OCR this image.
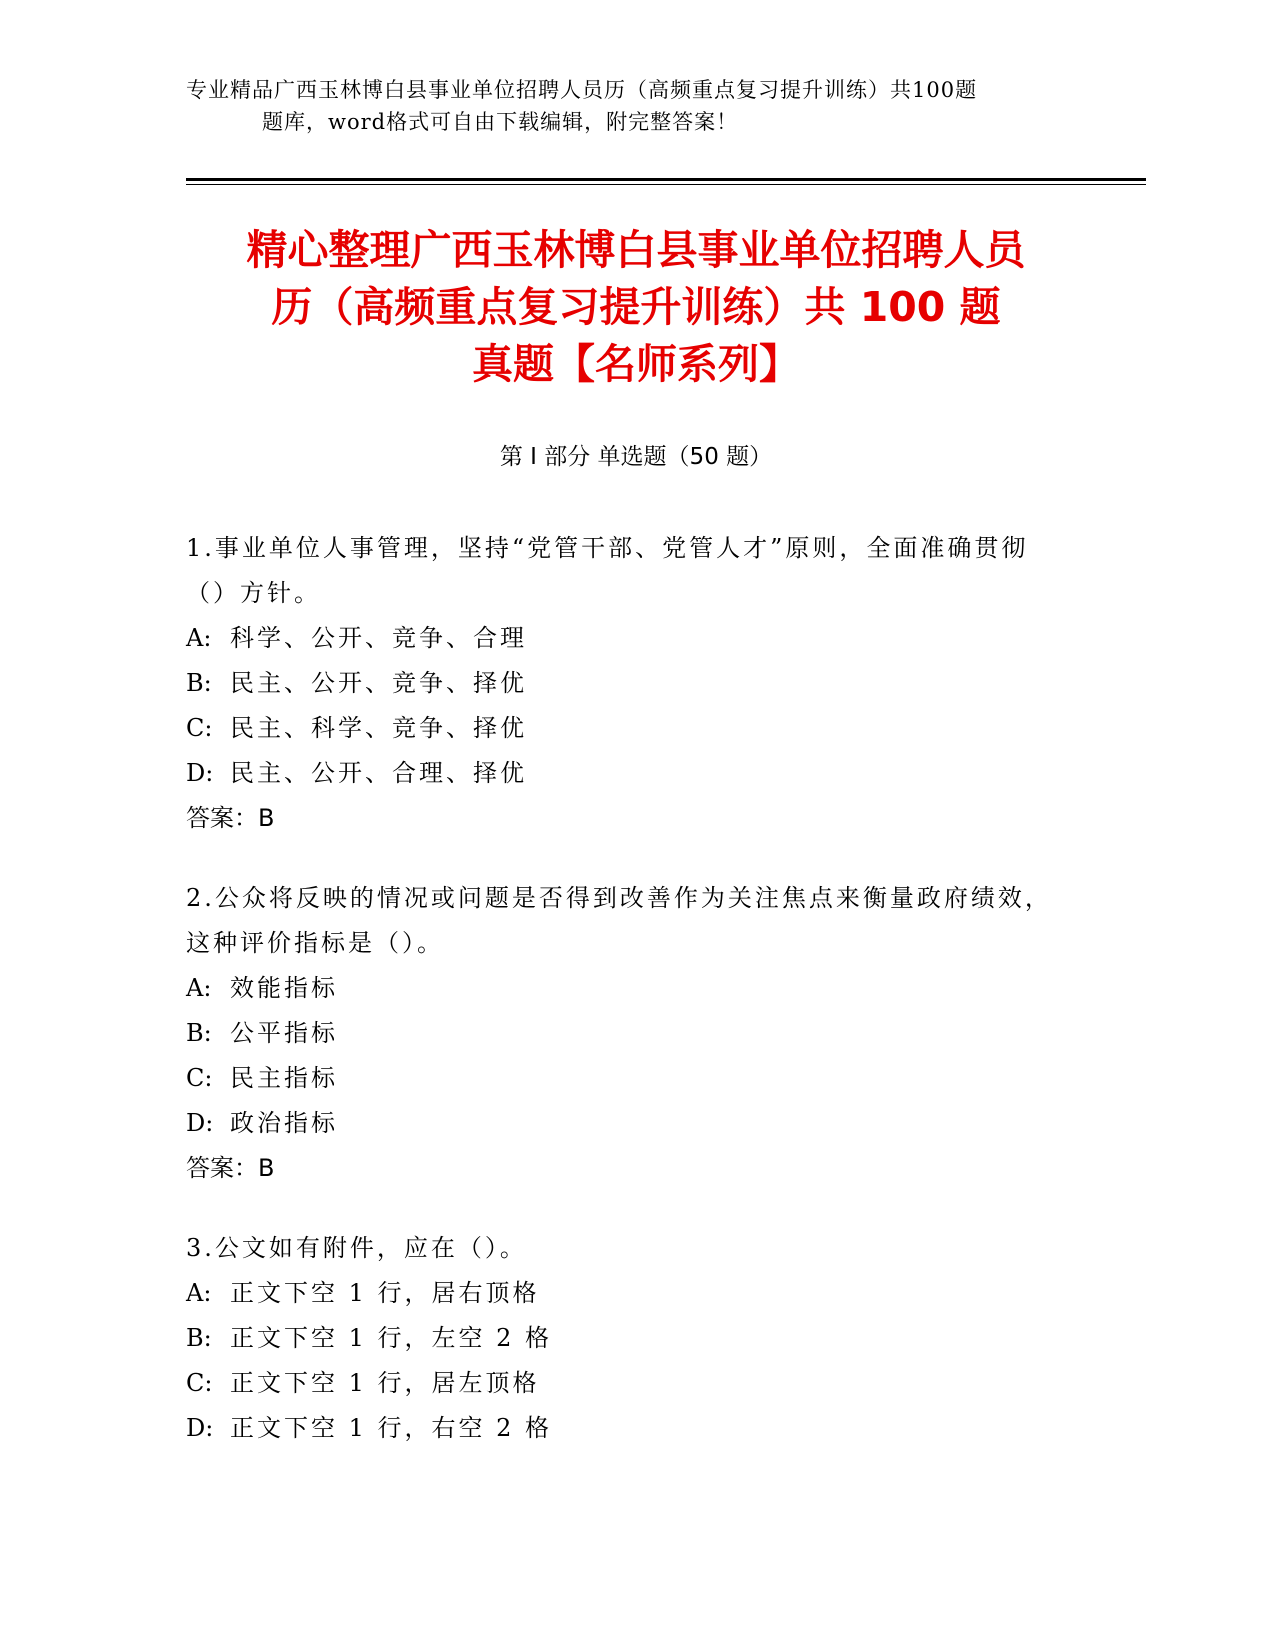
专业精品广西玉林博白县事业单位招聘人员历（高频重点复习提升训练）共100题
题库，word格式可自由下载编辑，附完整答案！
精心整理广西玉林博白县事业单位招聘人员
历（高频重点复习提升训练）共 100 题
真题【名师系列】
第 I 部分 单选题（50 题）

1.事业单位人事管理，坚持“党管干部、党管人才”原则，全面准确贯彻（）方针。

A: 科学、公开、竞争、合理
B: 民主、公开、竞争、择优
C: 民主、科学、竞争、择优
D: 民主、公开、合理、择优
答案：B

2.公众将反映的情况或问题是否得到改善作为关注焦点来衡量政府绩效，这种评价指标是（）。

A: 效能指标
B: 公平指标
C: 民主指标
D: 政治指标
答案：B

3.公文如有附件，应在（）。

A: 正文下空 1 行，居右顶格
B: 正文下空 1 行，左空 2 格
C: 正文下空 1 行，居左顶格
D: 正文下空 1 行，右空 2 格
